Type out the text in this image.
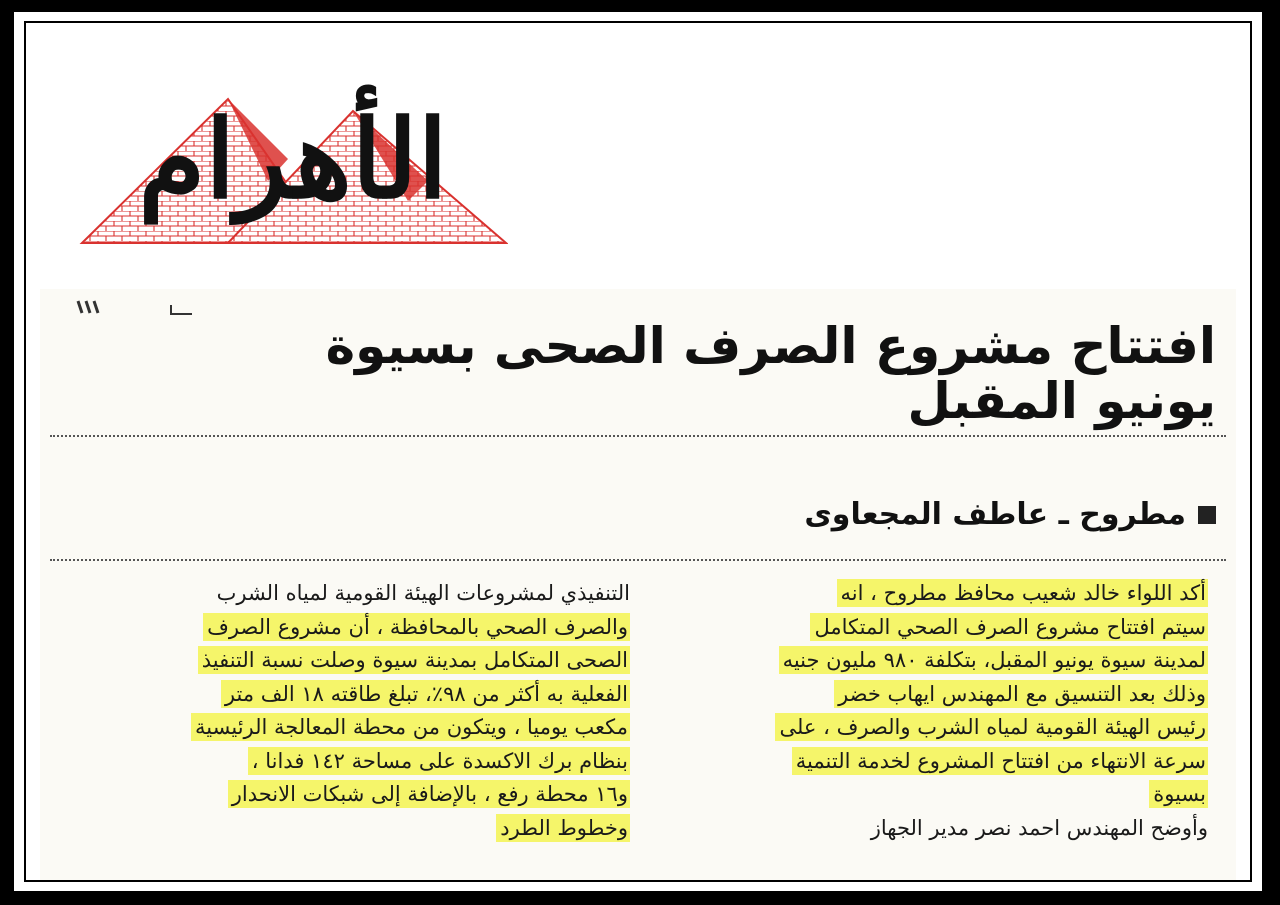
الأهرام
افتتاح مشروع الصرف الصحى بسيوة يونيو المقبل
مطروح ـ عاطف المجعاوى
أكد اللواء خالد شعيب محافظ مطروح ، انه
سيتم افتتاح مشروع الصرف الصحي المتكامل
لمدينة سيوة يونيو المقبل، بتكلفة ٩٨٠ مليون جنيه
وذلك بعد التنسيق مع المهندس ايهاب خضر
رئيس الهيئة القومية لمياه الشرب والصرف ، على
سرعة الانتهاء من افتتاح المشروع لخدمة التنمية
بسيوة
وأوضح المهندس احمد نصر مدير الجهاز
التنفيذي لمشروعات الهيئة القومية لمياه الشرب
والصرف الصحي بالمحافظة ، أن مشروع الصرف
الصحى المتكامل بمدينة سيوة وصلت نسبة التنفيذ
الفعلية به أكثر من ٩٨٪، تبلغ طاقته ١٨ الف متر
مكعب يوميا ، ويتكون من محطة المعالجة الرئيسية
بنظام برك الاكسدة على مساحة ١٤٢ فدانا ،
و١٦ محطة رفع ، بالإضافة إلى شبكات الانحدار
وخطوط الطرد
